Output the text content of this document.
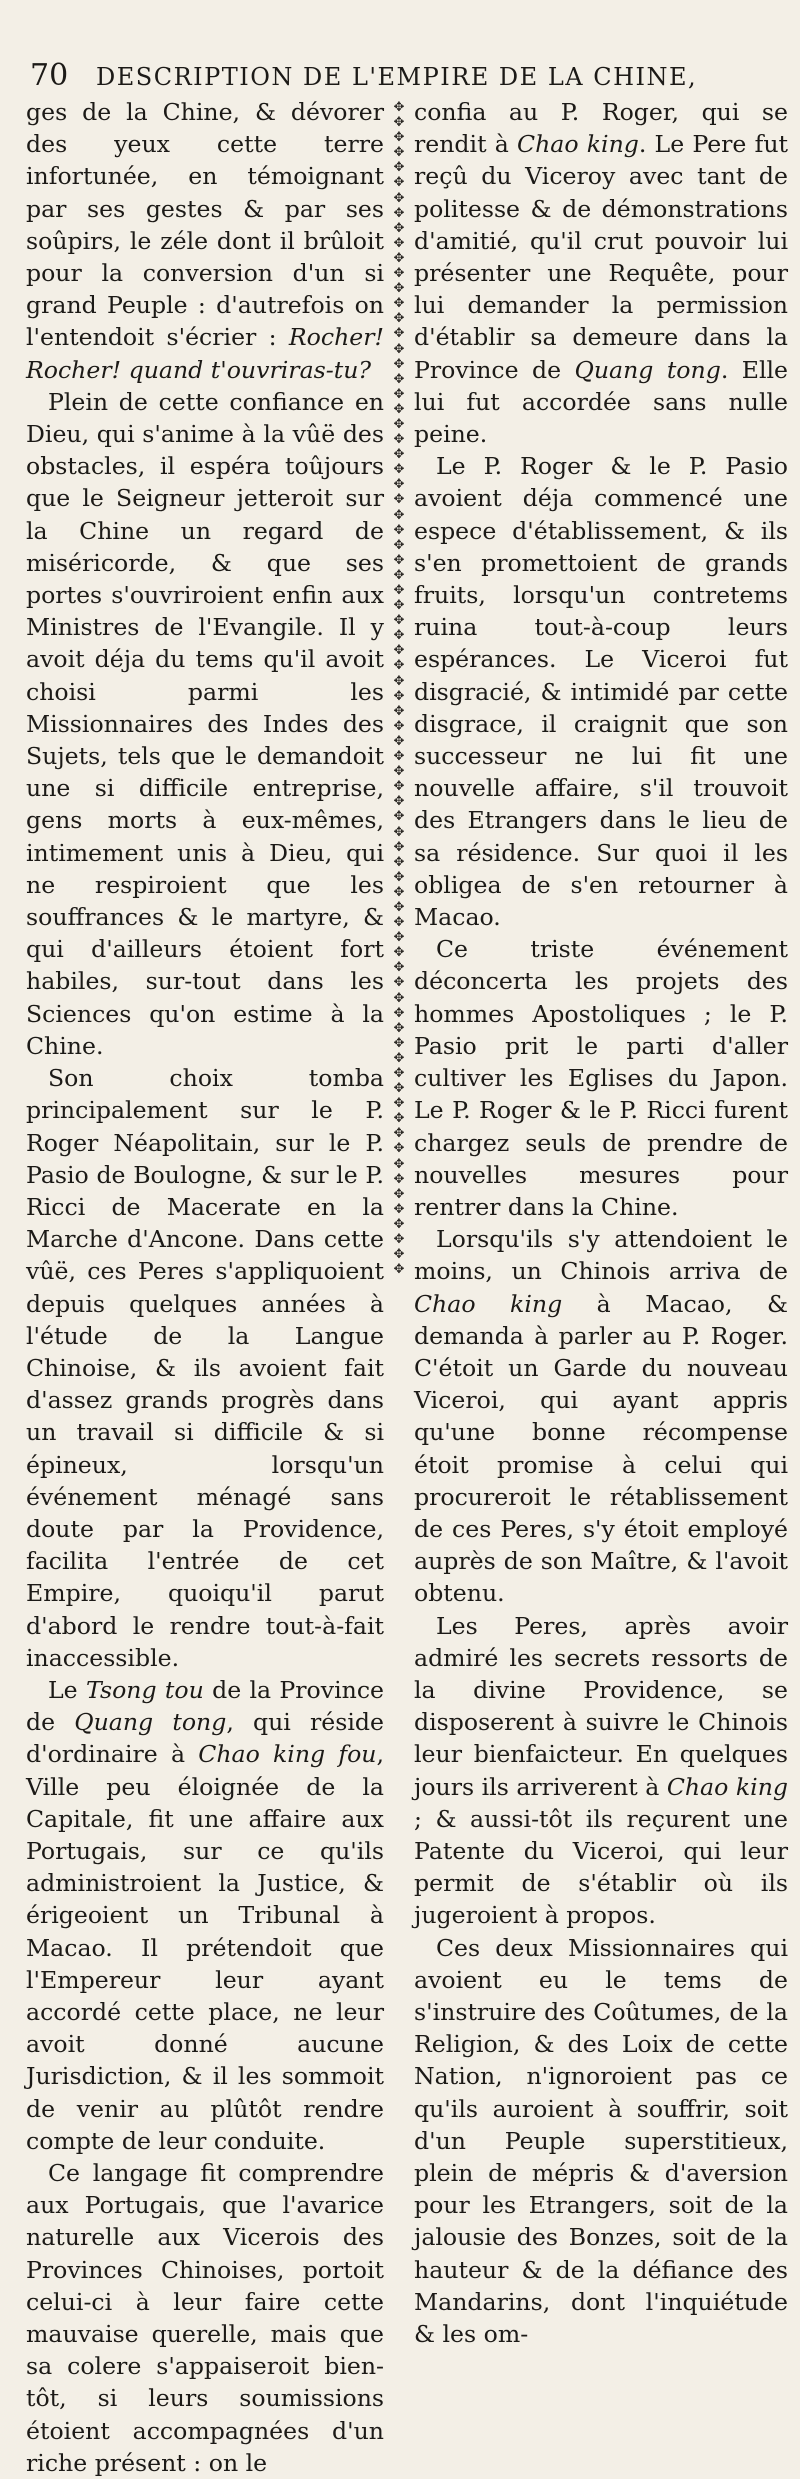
70	DESCRIPTION DE L'EMPIRE DE LA CHINE,

ges de la Chine, & dévorer des yeux cette terre infortunée, en témoignant par ses gestes & par ses soûpirs, le zéle dont il brûloit pour la conversion d'un si grand Peuple : d'autrefois on l'entendoit s'écrier : Rocher! Rocher! quand t'ouvriras-tu?

Plein de cette confiance en Dieu, qui s'anime à la vûë des obstacles, il espéra toûjours que le Seigneur jetteroit sur la Chine un regard de miséricorde, & que ses portes s'ouvriroient enfin aux Ministres de l'Evangile. Il y avoit déja du tems qu'il avoit choisi parmi les Missionnaires des Indes des Sujets, tels que le demandoit une si difficile entreprise, gens morts à eux-mêmes, intimement unis à Dieu, qui ne respiroient que les souffrances & le martyre, & qui d'ailleurs étoient fort habiles, sur-tout dans les Sciences qu'on estime à la Chine.

Son choix tomba principalement sur le P. Roger Néapolitain, sur le P. Pasio de Boulogne, & sur le P. Ricci de Macerate en la Marche d'Ancone. Dans cette vûë, ces Peres s'appliquoient depuis quelques années à l'étude de la Langue Chinoise, & ils avoient fait d'assez grands progrès dans un travail si difficile & si épineux, lorsqu'un événement ménagé sans doute par la Providence, facilita l'entrée de cet Empire, quoiqu'il parut d'abord le rendre tout-à-fait inaccessible.

Le Tsong tou de la Province de Quang tong, qui réside d'ordinaire à Chao king fou, Ville peu éloignée de la Capitale, fit une affaire aux Portugais, sur ce qu'ils administroient la Justice, & érigeoient un Tribunal à Macao. Il prétendoit que l'Empereur leur ayant accordé cette place, ne leur avoit donné aucune Jurisdiction, & il les sommoit de venir au plûtôt rendre compte de leur conduite.

Ce langage fit comprendre aux Portugais, que l'avarice naturelle aux Vicerois des Provinces Chinoises, portoit celui-ci à leur faire cette mauvaise querelle, mais que sa colere s'appaiseroit bien-tôt, si leurs soumissions étoient accompagnées d'un riche présent : on le

✥
✥
✥
✥
✥
✥
✥
✥
✥
✥
✥
✥
✥
✥
✥
✥
✥
✥
✥
✥
✥
✥
✥
✥
✥
✥
✥
✥
✥
✥
✥
✥
✥
✥
✥
✥
✥
✥
✥
✥
✥
✥
✥
✥
✥
✥
✥
✥
✥
✥
✥
✥
✥
✥
✥
✥
✥
✥
✥
✥
✥
✥
✥
✥
✥
✥
✥
✥
✥
✥
✥
✥
✥
✥
✥
✥
✥
✥

confia au P. Roger, qui se rendit à Chao king. Le Pere fut reçû du Viceroy avec tant de politesse & de démonstrations d'amitié, qu'il crut pouvoir lui présenter une Requête, pour lui demander la permission d'établir sa demeure dans la Province de Quang tong. Elle lui fut accordée sans nulle peine.

Le P. Roger & le P. Pasio avoient déja commencé une espece d'établissement, & ils s'en promettoient de grands fruits, lorsqu'un contretems ruina tout-à-coup leurs espérances. Le Viceroi fut disgracié, & intimidé par cette disgrace, il craignit que son successeur ne lui fit une nouvelle affaire, s'il trouvoit des Etrangers dans le lieu de sa résidence. Sur quoi il les obligea de s'en retourner à Macao.

Ce triste événement déconcerta les projets des hommes Apostoliques ; le P. Pasio prit le parti d'aller cultiver les Eglises du Japon. Le P. Roger & le P. Ricci furent chargez seuls de prendre de nouvelles mesures pour rentrer dans la Chine.

Lorsqu'ils s'y attendoient le moins, un Chinois arriva de Chao king à Macao, & demanda à parler au P. Roger. C'étoit un Garde du nouveau Viceroi, qui ayant appris qu'une bonne récompense étoit promise à celui qui procureroit le rétablissement de ces Peres, s'y étoit employé auprès de son Maître, & l'avoit obtenu.

Les Peres, après avoir admiré les secrets ressorts de la divine Providence, se disposerent à suivre le Chinois leur bienfaicteur. En quelques jours ils arriverent à Chao king ; & aussi-tôt ils reçurent une Patente du Viceroi, qui leur permit de s'établir où ils jugeroient à propos.

Ces deux Missionnaires qui avoient eu le tems de s'instruire des Coûtumes, de la Religion, & des Loix de cette Nation, n'ignoroient pas ce qu'ils auroient à souffrir, soit d'un Peuple superstitieux, plein de mépris & d'aversion pour les Etrangers, soit de la jalousie des Bonzes, soit de la hauteur & de la défiance des Mandarins, dont l'inquiétude & les om-
